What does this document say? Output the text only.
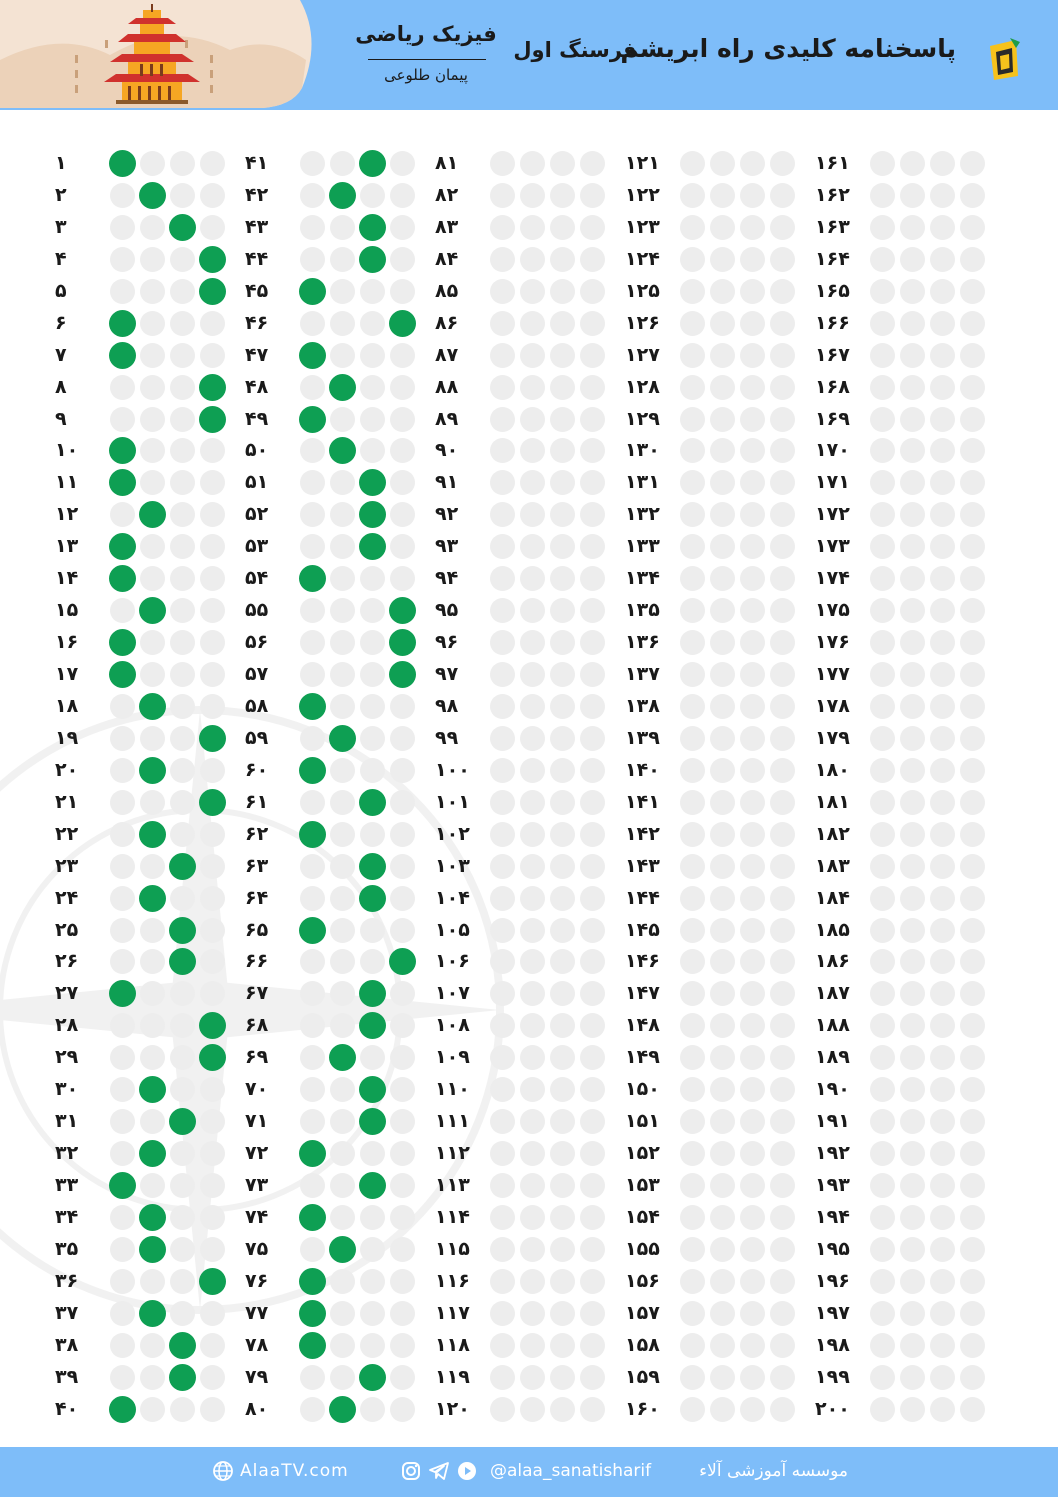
پاسخنامه کلیدی راه ابریشم
فرسنگ اول
فیزیک ریاضی
پیمان طلوعی
۱
۲
۳
۴
۵
۶
۷
۸
۹
۱۰
۱۱
۱۲
۱۳
۱۴
۱۵
۱۶
۱۷
۱۸
۱۹
۲۰
۲۱
۲۲
۲۳
۲۴
۲۵
۲۶
۲۷
۲۸
۲۹
۳۰
۳۱
۳۲
۳۳
۳۴
۳۵
۳۶
۳۷
۳۸
۳۹
۴۰
۴۱
۴۲
۴۳
۴۴
۴۵
۴۶
۴۷
۴۸
۴۹
۵۰
۵۱
۵۲
۵۳
۵۴
۵۵
۵۶
۵۷
۵۸
۵۹
۶۰
۶۱
۶۲
۶۳
۶۴
۶۵
۶۶
۶۷
۶۸
۶۹
۷۰
۷۱
۷۲
۷۳
۷۴
۷۵
۷۶
۷۷
۷۸
۷۹
۸۰
۸۱
۸۲
۸۳
۸۴
۸۵
۸۶
۸۷
۸۸
۸۹
۹۰
۹۱
۹۲
۹۳
۹۴
۹۵
۹۶
۹۷
۹۸
۹۹
۱۰۰
۱۰۱
۱۰۲
۱۰۳
۱۰۴
۱۰۵
۱۰۶
۱۰۷
۱۰۸
۱۰۹
۱۱۰
۱۱۱
۱۱۲
۱۱۳
۱۱۴
۱۱۵
۱۱۶
۱۱۷
۱۱۸
۱۱۹
۱۲۰
۱۲۱
۱۲۲
۱۲۳
۱۲۴
۱۲۵
۱۲۶
۱۲۷
۱۲۸
۱۲۹
۱۳۰
۱۳۱
۱۳۲
۱۳۳
۱۳۴
۱۳۵
۱۳۶
۱۳۷
۱۳۸
۱۳۹
۱۴۰
۱۴۱
۱۴۲
۱۴۳
۱۴۴
۱۴۵
۱۴۶
۱۴۷
۱۴۸
۱۴۹
۱۵۰
۱۵۱
۱۵۲
۱۵۳
۱۵۴
۱۵۵
۱۵۶
۱۵۷
۱۵۸
۱۵۹
۱۶۰
۱۶۱
۱۶۲
۱۶۳
۱۶۴
۱۶۵
۱۶۶
۱۶۷
۱۶۸
۱۶۹
۱۷۰
۱۷۱
۱۷۲
۱۷۳
۱۷۴
۱۷۵
۱۷۶
۱۷۷
۱۷۸
۱۷۹
۱۸۰
۱۸۱
۱۸۲
۱۸۳
۱۸۴
۱۸۵
۱۸۶
۱۸۷
۱۸۸
۱۸۹
۱۹۰
۱۹۱
۱۹۲
۱۹۳
۱۹۴
۱۹۵
۱۹۶
۱۹۷
۱۹۸
۱۹۹
۲۰۰
موسسه آموزشی آلاء
@alaa_sanatisharif
AlaaTV.com
